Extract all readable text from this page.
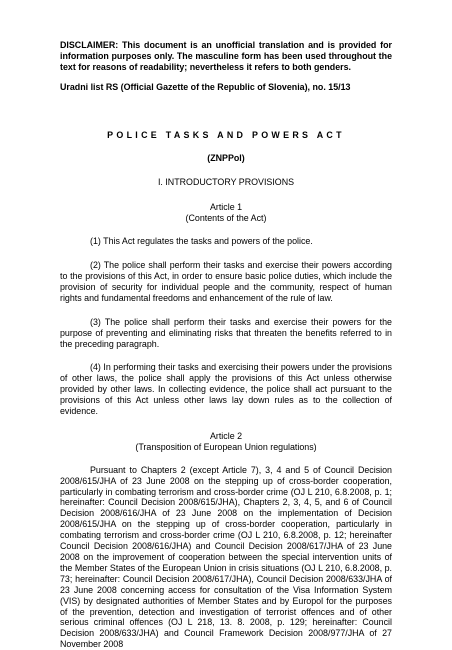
DISCLAIMER: This document is an unofficial translation and is provided for information purposes only. The masculine form has been used throughout the text for reasons of readability; nevertheless it refers to both genders.

Uradni list RS (Official Gazette of the Republic of Slovenia), no. 15/13

POLICE TASKS AND POWERS ACT

(ZNPPol)

I. INTRODUCTORY PROVISIONS

Article 1
(Contents of the Act)

(1) This Act regulates the tasks and powers of the police.

(2) The police shall perform their tasks and exercise their powers according to the provisions of this Act, in order to ensure basic police duties, which include the provision of security for individual people and the community, respect of human rights and fundamental freedoms and enhancement of the rule of law.

(3) The police shall perform their tasks and exercise their powers for the purpose of preventing and eliminating risks that threaten the benefits referred to in the preceding paragraph.

(4) In performing their tasks and exercising their powers under the provisions of other laws, the police shall apply the provisions of this Act unless otherwise provided by other laws. In collecting evidence, the police shall act pursuant to the provisions of this Act unless other laws lay down rules as to the collection of evidence.

Article 2
(Transposition of European Union regulations)

Pursuant to Chapters 2 (except Article 7), 3, 4 and 5 of Council Decision 2008/615/JHA of 23 June 2008 on the stepping up of cross-border cooperation, particularly in combating terrorism and cross-border crime (OJ L 210, 6.8.2008, p. 1; hereinafter: Council Decision 2008/615/JHA), Chapters 2, 3, 4, 5, and 6 of Council Decision 2008/616/JHA of 23 June 2008 on the implementation of Decision 2008/615/JHA on the stepping up of cross-border cooperation, particularly in combating terrorism and cross-border crime (OJ L 210, 6.8.2008, p. 12; hereinafter Council Decision 2008/616/JHA) and Council Decision 2008/617/JHA of 23 June 2008 on the improvement of cooperation between the special intervention units of the Member States of the European Union in crisis situations (OJ L 210, 6.8.2008, p. 73; hereinafter: Council Decision 2008/617/JHA), Council Decision 2008/633/JHA of 23 June 2008 concerning access for consultation of the Visa Information System (VIS) by designated authorities of Member States and by Europol for the purposes of the prevention, detection and investigation of terrorist offences and of other serious criminal offences (OJ L 218, 13. 8. 2008, p. 129; hereinafter: Council Decision 2008/633/JHA) and Council Framework Decision 2008/977/JHA of 27 November 2008
